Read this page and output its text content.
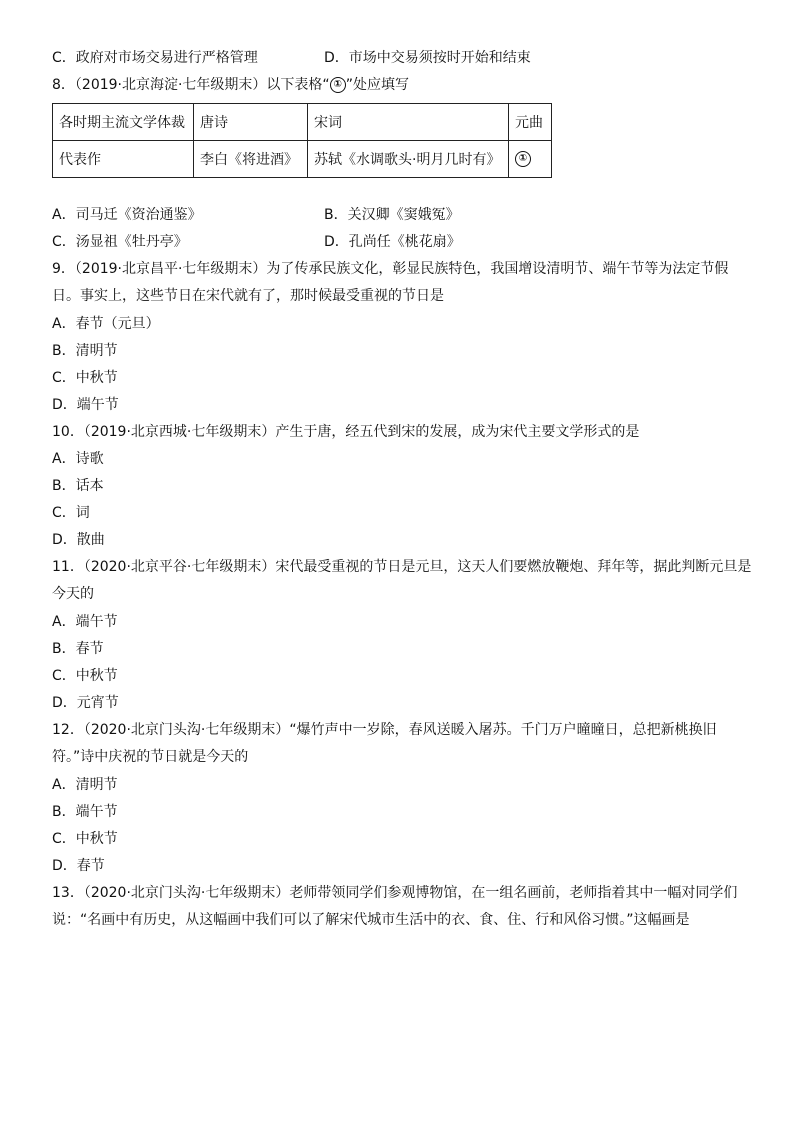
C．政府对市场交易进行严格管理	D．市场中交易须按时开始和结束
8．（2019·北京海淀·七年级期末）以下表格“ ① ”处应填写
各时期主流文学体裁	唐诗	宋词	元曲
代表作	李白《将进酒》	苏轼《水调歌头·明月几时有》	①
A．司马迁《资治通鉴》	B．关汉卿《窦娥冤》
C．汤显祖《牡丹亭》	D．孔尚任《桃花扇》
9．（2019·北京昌平·七年级期末）为了传承民族文化，彰显民族特色，我国增设清明节、端午节等为法定节假日。事实上，这些节日在宋代就有了，那时候最受重视的节日是
A．春节（元旦）
B．清明节
C．中秋节
D．端午节
10．（2019·北京西城·七年级期末）产生于唐，经五代到宋的发展，成为宋代主要文学形式的是
A．诗歌
B．话本
C．词
D．散曲
11．（2020·北京平谷·七年级期末）宋代最受重视的节日是元旦，这天人们要燃放鞭炮、拜年等，据此判断元旦是今天的
A．端午节
B．春节
C．中秋节
D．元宵节
12．（2020·北京门头沟·七年级期末）“爆竹声中一岁除，春风送暖入屠苏。千门万户曈曈日，总把新桃换旧符。”诗中庆祝的节日就是今天的
A．清明节
B．端午节
C．中秋节
D．春节
13．（2020·北京门头沟·七年级期末）老师带领同学们参观博物馆，在一组名画前，老师指着其中一幅对同学们说：“名画中有历史，从这幅画中我们可以了解宋代城市生活中的衣、食、住、行和风俗习惯。”这幅画是
